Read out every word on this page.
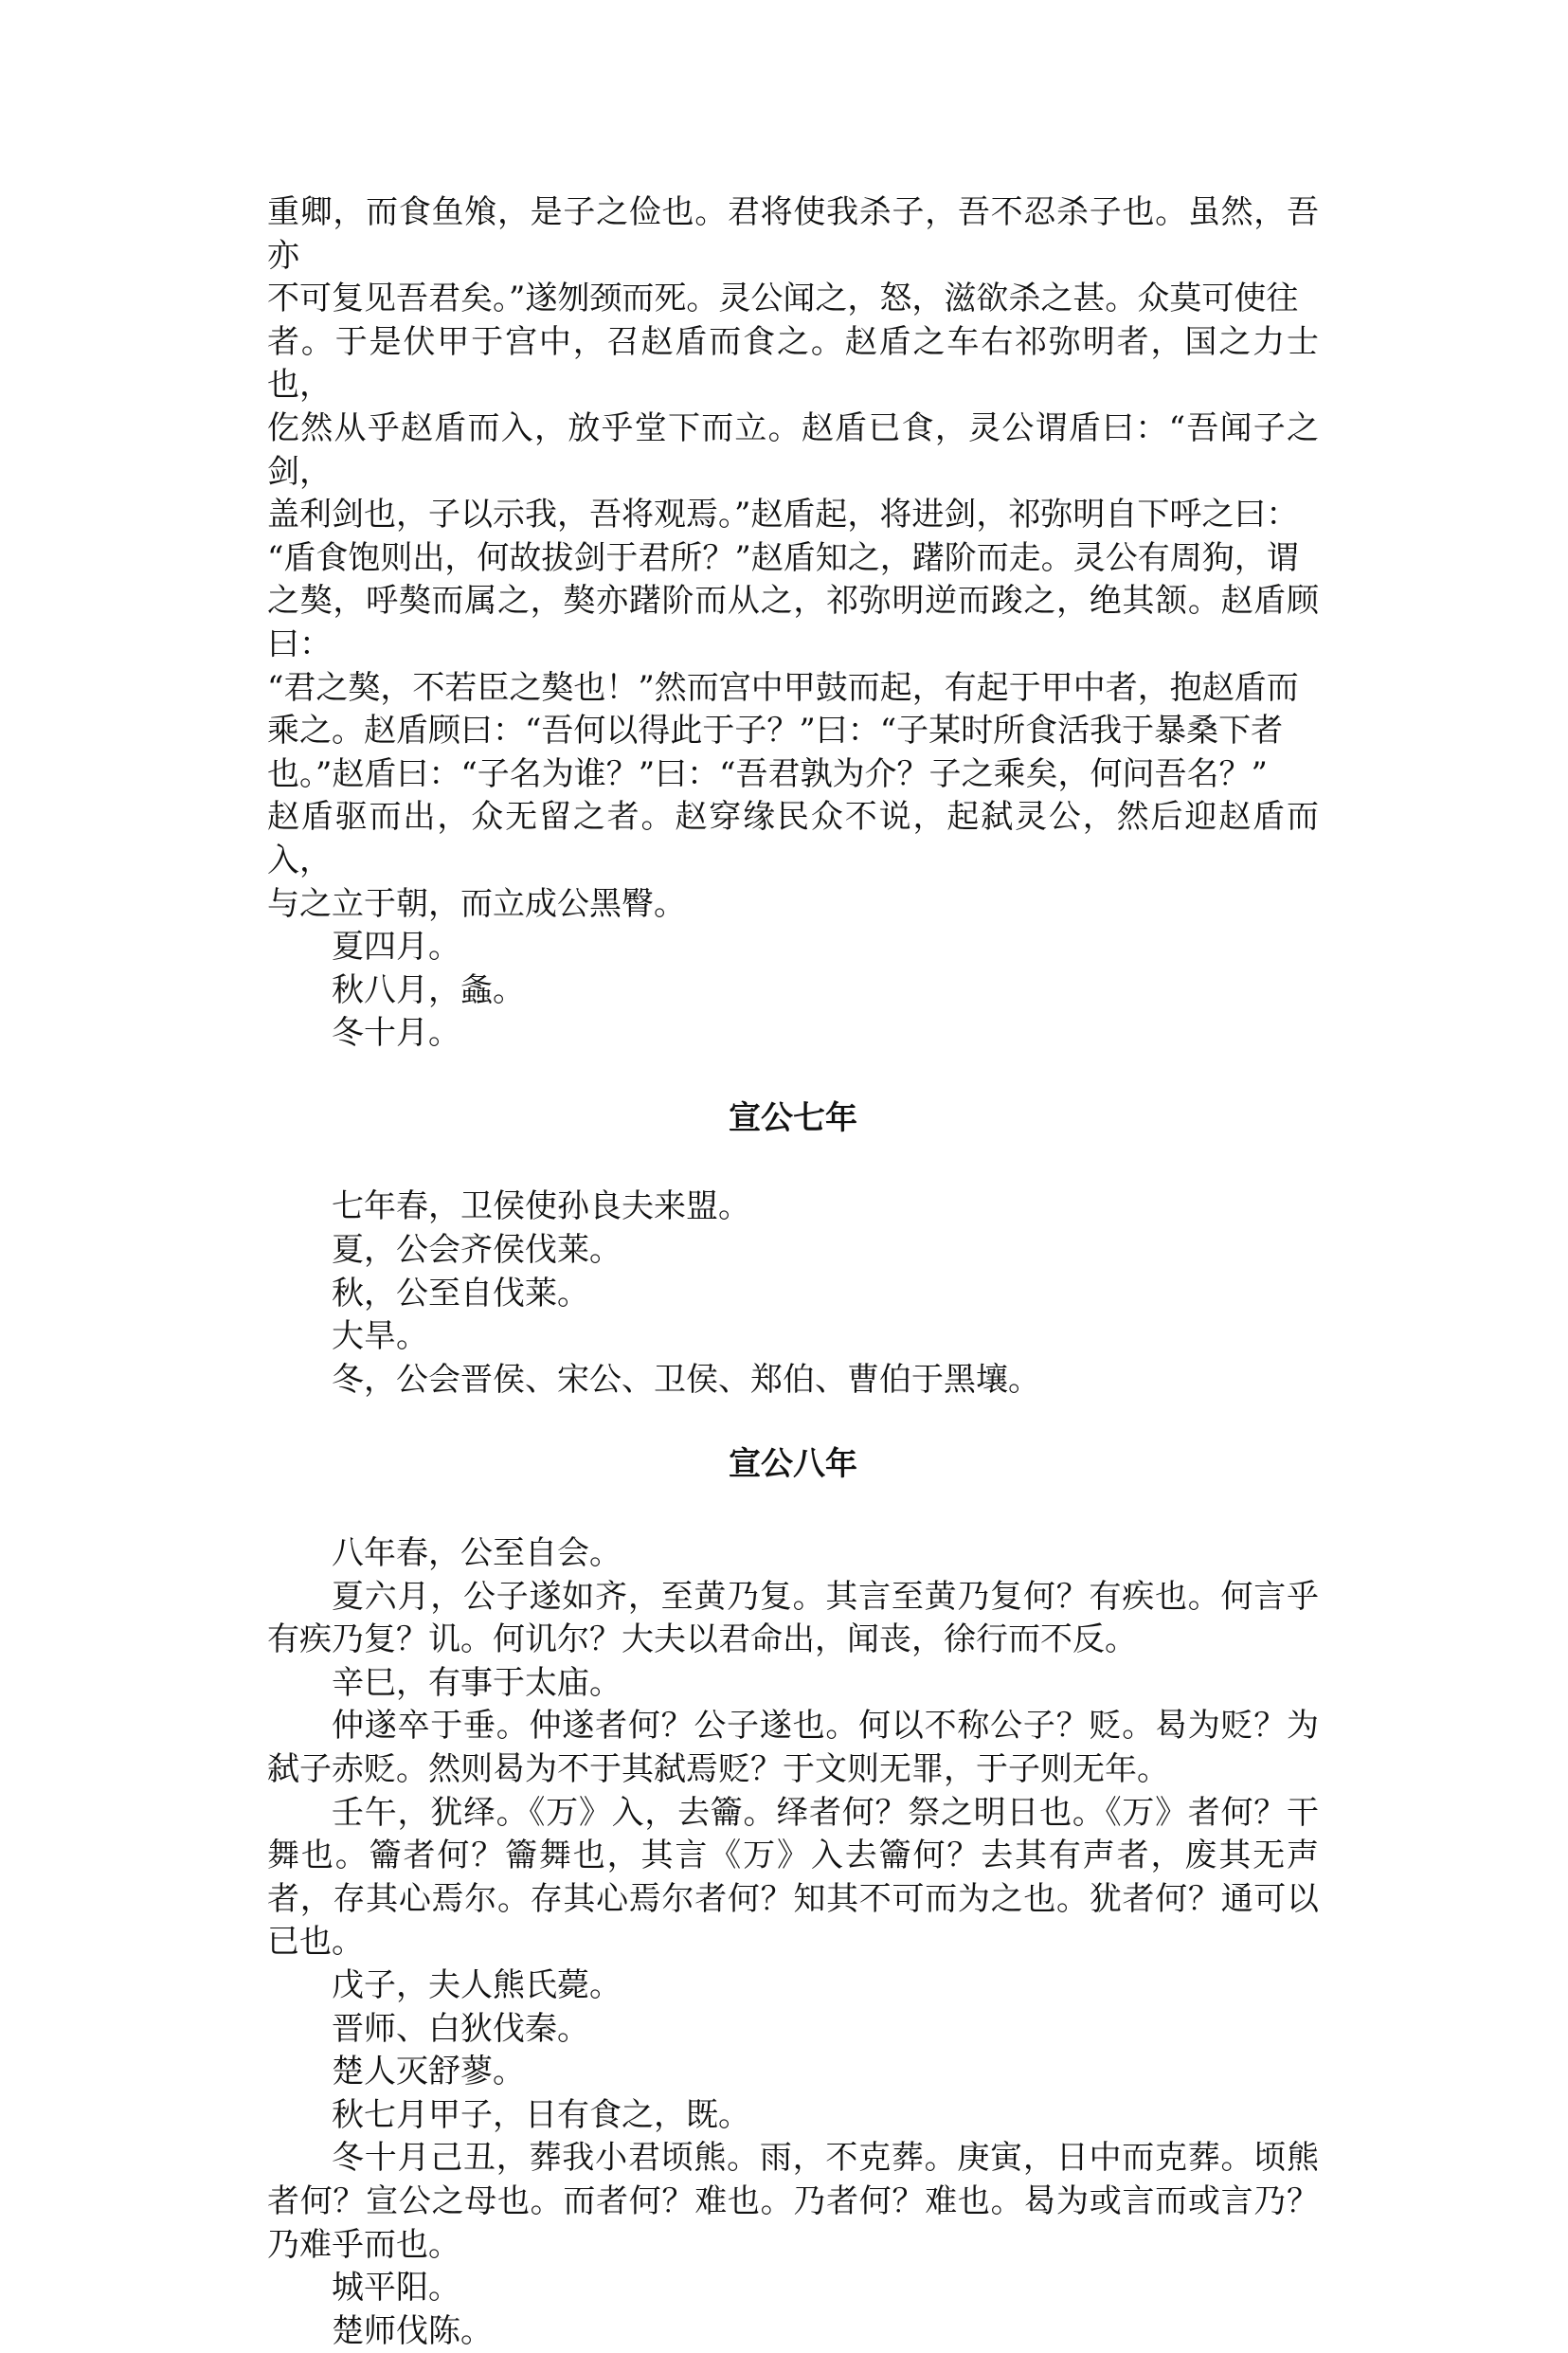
重卿，而食鱼飧，是子之俭也。君将使我杀子，吾不忍杀子也。虽然，吾亦
不可复见吾君矣。”遂刎颈而死。灵公闻之，怒，滋欲杀之甚。众莫可使往
者。于是伏甲于宫中，召赵盾而食之。赵盾之车右祁弥明者，国之力士也，
仡然从乎赵盾而入，放乎堂下而立。赵盾已食，灵公谓盾曰：“吾闻子之剑，
盖利剑也，子以示我，吾将观焉。”赵盾起，将进剑，祁弥明自下呼之曰：
“盾食饱则出，何故拔剑于君所？”赵盾知之，躇阶而走。灵公有周狗，谓
之獒，呼獒而属之，獒亦躇阶而从之，祁弥明逆而踆之，绝其颔。赵盾顾曰：
“君之獒，不若臣之獒也！”然而宫中甲鼓而起，有起于甲中者，抱赵盾而
乘之。赵盾顾曰：“吾何以得此于子？”曰：“子某时所食活我于暴桑下者
也。”赵盾曰：“子名为谁？”曰：“吾君孰为介？子之乘矣，何问吾名？”
赵盾驱而出，众无留之者。赵穿缘民众不说，起弑灵公，然后迎赵盾而入，
与之立于朝，而立成公黑臀。

夏四月。

秋八月，螽。

冬十月。

宣公七年

七年春，卫侯使孙良夫来盟。

夏，公会齐侯伐莱。

秋，公至自伐莱。

大旱。

冬，公会晋侯、宋公、卫侯、郑伯、曹伯于黑壤。

宣公八年

八年春，公至自会。

夏六月，公子遂如齐，至黄乃复。其言至黄乃复何？有疾也。何言乎有疾乃复？讥。何讥尔？大夫以君命出，闻丧，徐行而不反。

辛巳，有事于太庙。

仲遂卒于垂。仲遂者何？公子遂也。何以不称公子？贬。曷为贬？为弑子赤贬。然则曷为不于其弑焉贬？于文则无罪，于子则无年。

壬午，犹绎。《万》入，去籥。绎者何？祭之明日也。《万》者何？干舞也。籥者何？籥舞也，其言《万》入去籥何？去其有声者，废其无声者，存其心焉尔。存其心焉尔者何？知其不可而为之也。犹者何？通可以已也。

戊子，夫人熊氏薨。

晋师、白狄伐秦。

楚人灭舒蓼。

秋七月甲子，日有食之，既。

冬十月己丑，葬我小君顷熊。雨，不克葬。庚寅，日中而克葬。顷熊者何？宣公之母也。而者何？难也。乃者何？难也。曷为或言而或言乃？乃难乎而也。

城平阳。

楚师伐陈。
